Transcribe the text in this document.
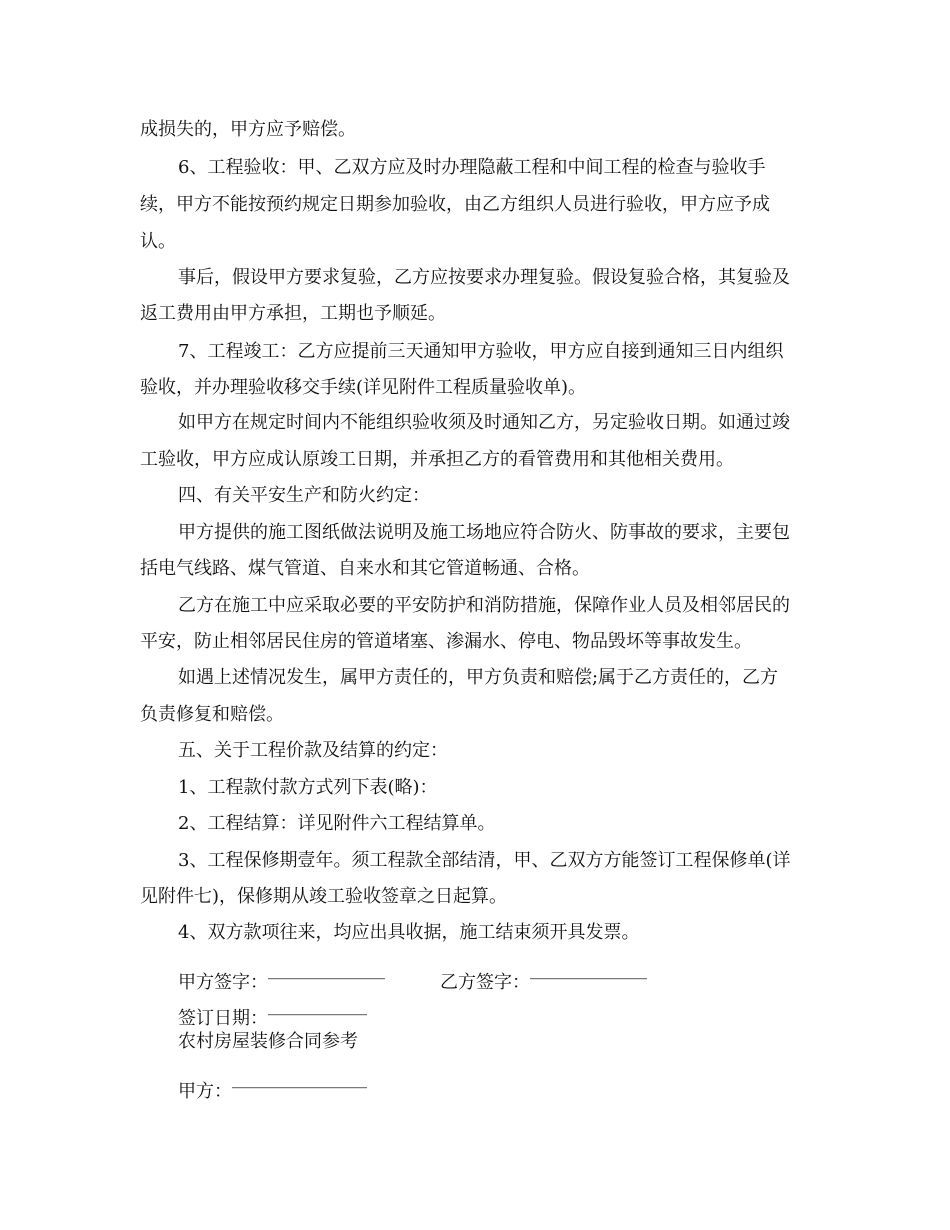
成损失的，甲方应予赔偿。
6、工程验收：甲、乙双方应及时办理隐蔽工程和中间工程的检查与验收手
续，甲方不能按预约规定日期参加验收，由乙方组织人员进行验收，甲方应予成
认。
事后，假设甲方要求复验，乙方应按要求办理复验。假设复验合格，其复验及
返工费用由甲方承担，工期也予顺延。
7、工程竣工：乙方应提前三天通知甲方验收，甲方应自接到通知三日内组织
验收，并办理验收移交手续(详见附件工程质量验收单)。
如甲方在规定时间内不能组织验收须及时通知乙方，另定验收日期。如通过竣
工验收，甲方应成认原竣工日期，并承担乙方的看管费用和其他相关费用。
四、有关平安生产和防火约定：
甲方提供的施工图纸做法说明及施工场地应符合防火、防事故的要求，主要包
括电气线路、煤气管道、自来水和其它管道畅通、合格。
乙方在施工中应采取必要的平安防护和消防措施，保障作业人员及相邻居民的
平安，防止相邻居民住房的管道堵塞、渗漏水、停电、物品毁坏等事故发生。
如遇上述情况发生，属甲方责任的，甲方负责和赔偿;属于乙方责任的，乙方
负责修复和赔偿。
五、关于工程价款及结算的约定：
1、工程款付款方式列下表(略)：
2、工程结算：详见附件六工程结算单。
3、工程保修期壹年。须工程款全部结清，甲、乙双方方能签订工程保修单(详
见附件七)，保修期从竣工验收签章之日起算。
4、双方款项往来，均应出具收据，施工结束须开具发票。
甲方签字：_____________
乙方签字：_____________
签订日期：___________
农村房屋装修合同参考
甲方：_______________
